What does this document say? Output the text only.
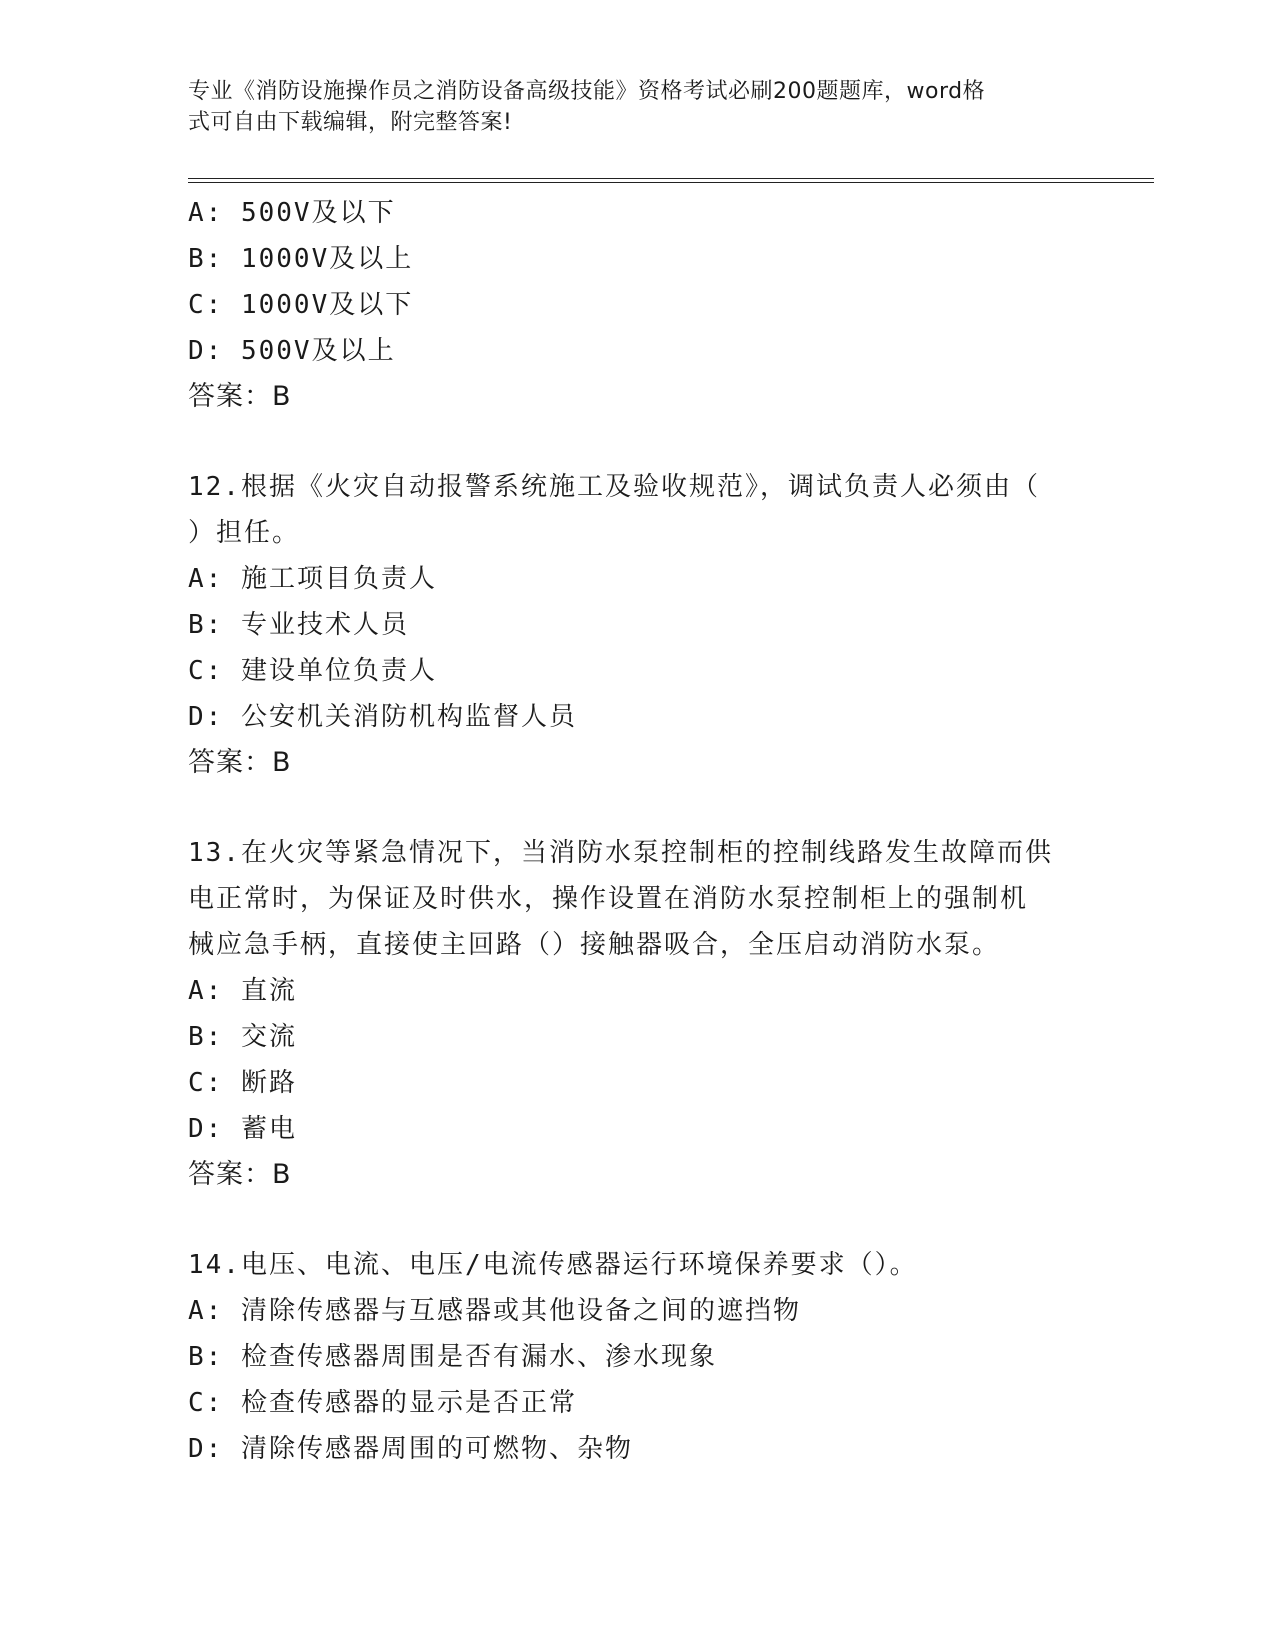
专业《消防设施操作员之消防设备高级技能》资格考试必刷200题题库，word格
式可自由下载编辑，附完整答案!
A: 500V及以下
B: 1000V及以上
C: 1000V及以下
D: 500V及以上
答案：B
12.根据《火灾自动报警系统施工及验收规范》，调试负责人必须由（
）担任。
A: 施工项目负责人
B: 专业技术人员
C: 建设单位负责人
D: 公安机关消防机构监督人员
答案：B
13.在火灾等紧急情况下，当消防水泵控制柜的控制线路发生故障而供
电正常时，为保证及时供水，操作设置在消防水泵控制柜上的强制机
械应急手柄，直接使主回路（）接触器吸合，全压启动消防水泵。
A: 直流
B: 交流
C: 断路
D: 蓄电
答案：B
14.电压、电流、电压/电流传感器运行环境保养要求（）。
A: 清除传感器与互感器或其他设备之间的遮挡物
B: 检查传感器周围是否有漏水、渗水现象
C: 检查传感器的显示是否正常
D: 清除传感器周围的可燃物、杂物
